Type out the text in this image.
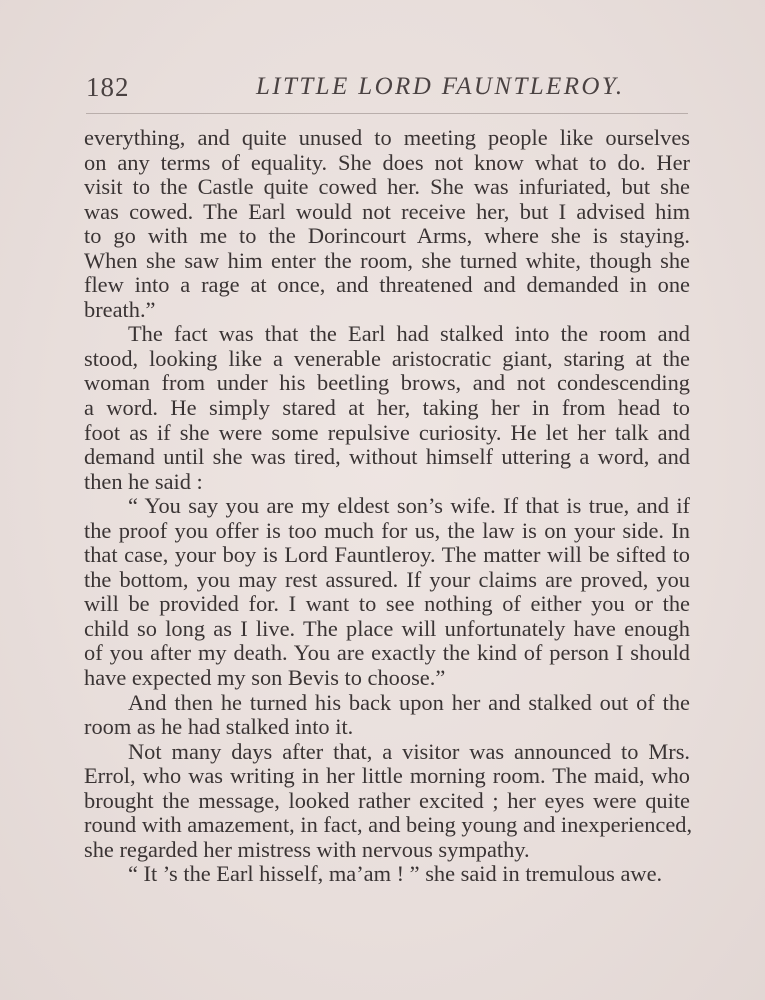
182	LITTLE LORD FAUNTLEROY.
everything, and quite unused to meeting people like ourselves
on any terms of equality. She does not know what to do. Her
visit to the Castle quite cowed her. She was infuriated, but she
was cowed. The Earl would not receive her, but I advised him
to go with me to the Dorincourt Arms, where she is staying.
When she saw him enter the room, she turned white, though she
flew into a rage at once, and threatened and demanded in one
breath.”
The fact was that the Earl had stalked into the room and
stood, looking like a venerable aristocratic giant, staring at the
woman from under his beetling brows, and not condescending
a word. He simply stared at her, taking her in from head to
foot as if she were some repulsive curiosity. He let her talk and
demand until she was tired, without himself uttering a word, and
then he said :
“ You say you are my eldest son’s wife. If that is true, and if
the proof you offer is too much for us, the law is on your side. In
that case, your boy is Lord Fauntleroy. The matter will be sifted to
the bottom, you may rest assured. If your claims are proved, you
will be provided for. I want to see nothing of either you or the
child so long as I live. The place will unfortunately have enough
of you after my death. You are exactly the kind of person I should
have expected my son Bevis to choose.”
And then he turned his back upon her and stalked out of the
room as he had stalked into it.
Not many days after that, a visitor was announced to Mrs.
Errol, who was writing in her little morning room. The maid, who
brought the message, looked rather excited ; her eyes were quite
round with amazement, in fact, and being young and inexperienced,
she regarded her mistress with nervous sympathy.
“ It ’s the Earl hisself, ma’am ! ” she said in tremulous awe.
